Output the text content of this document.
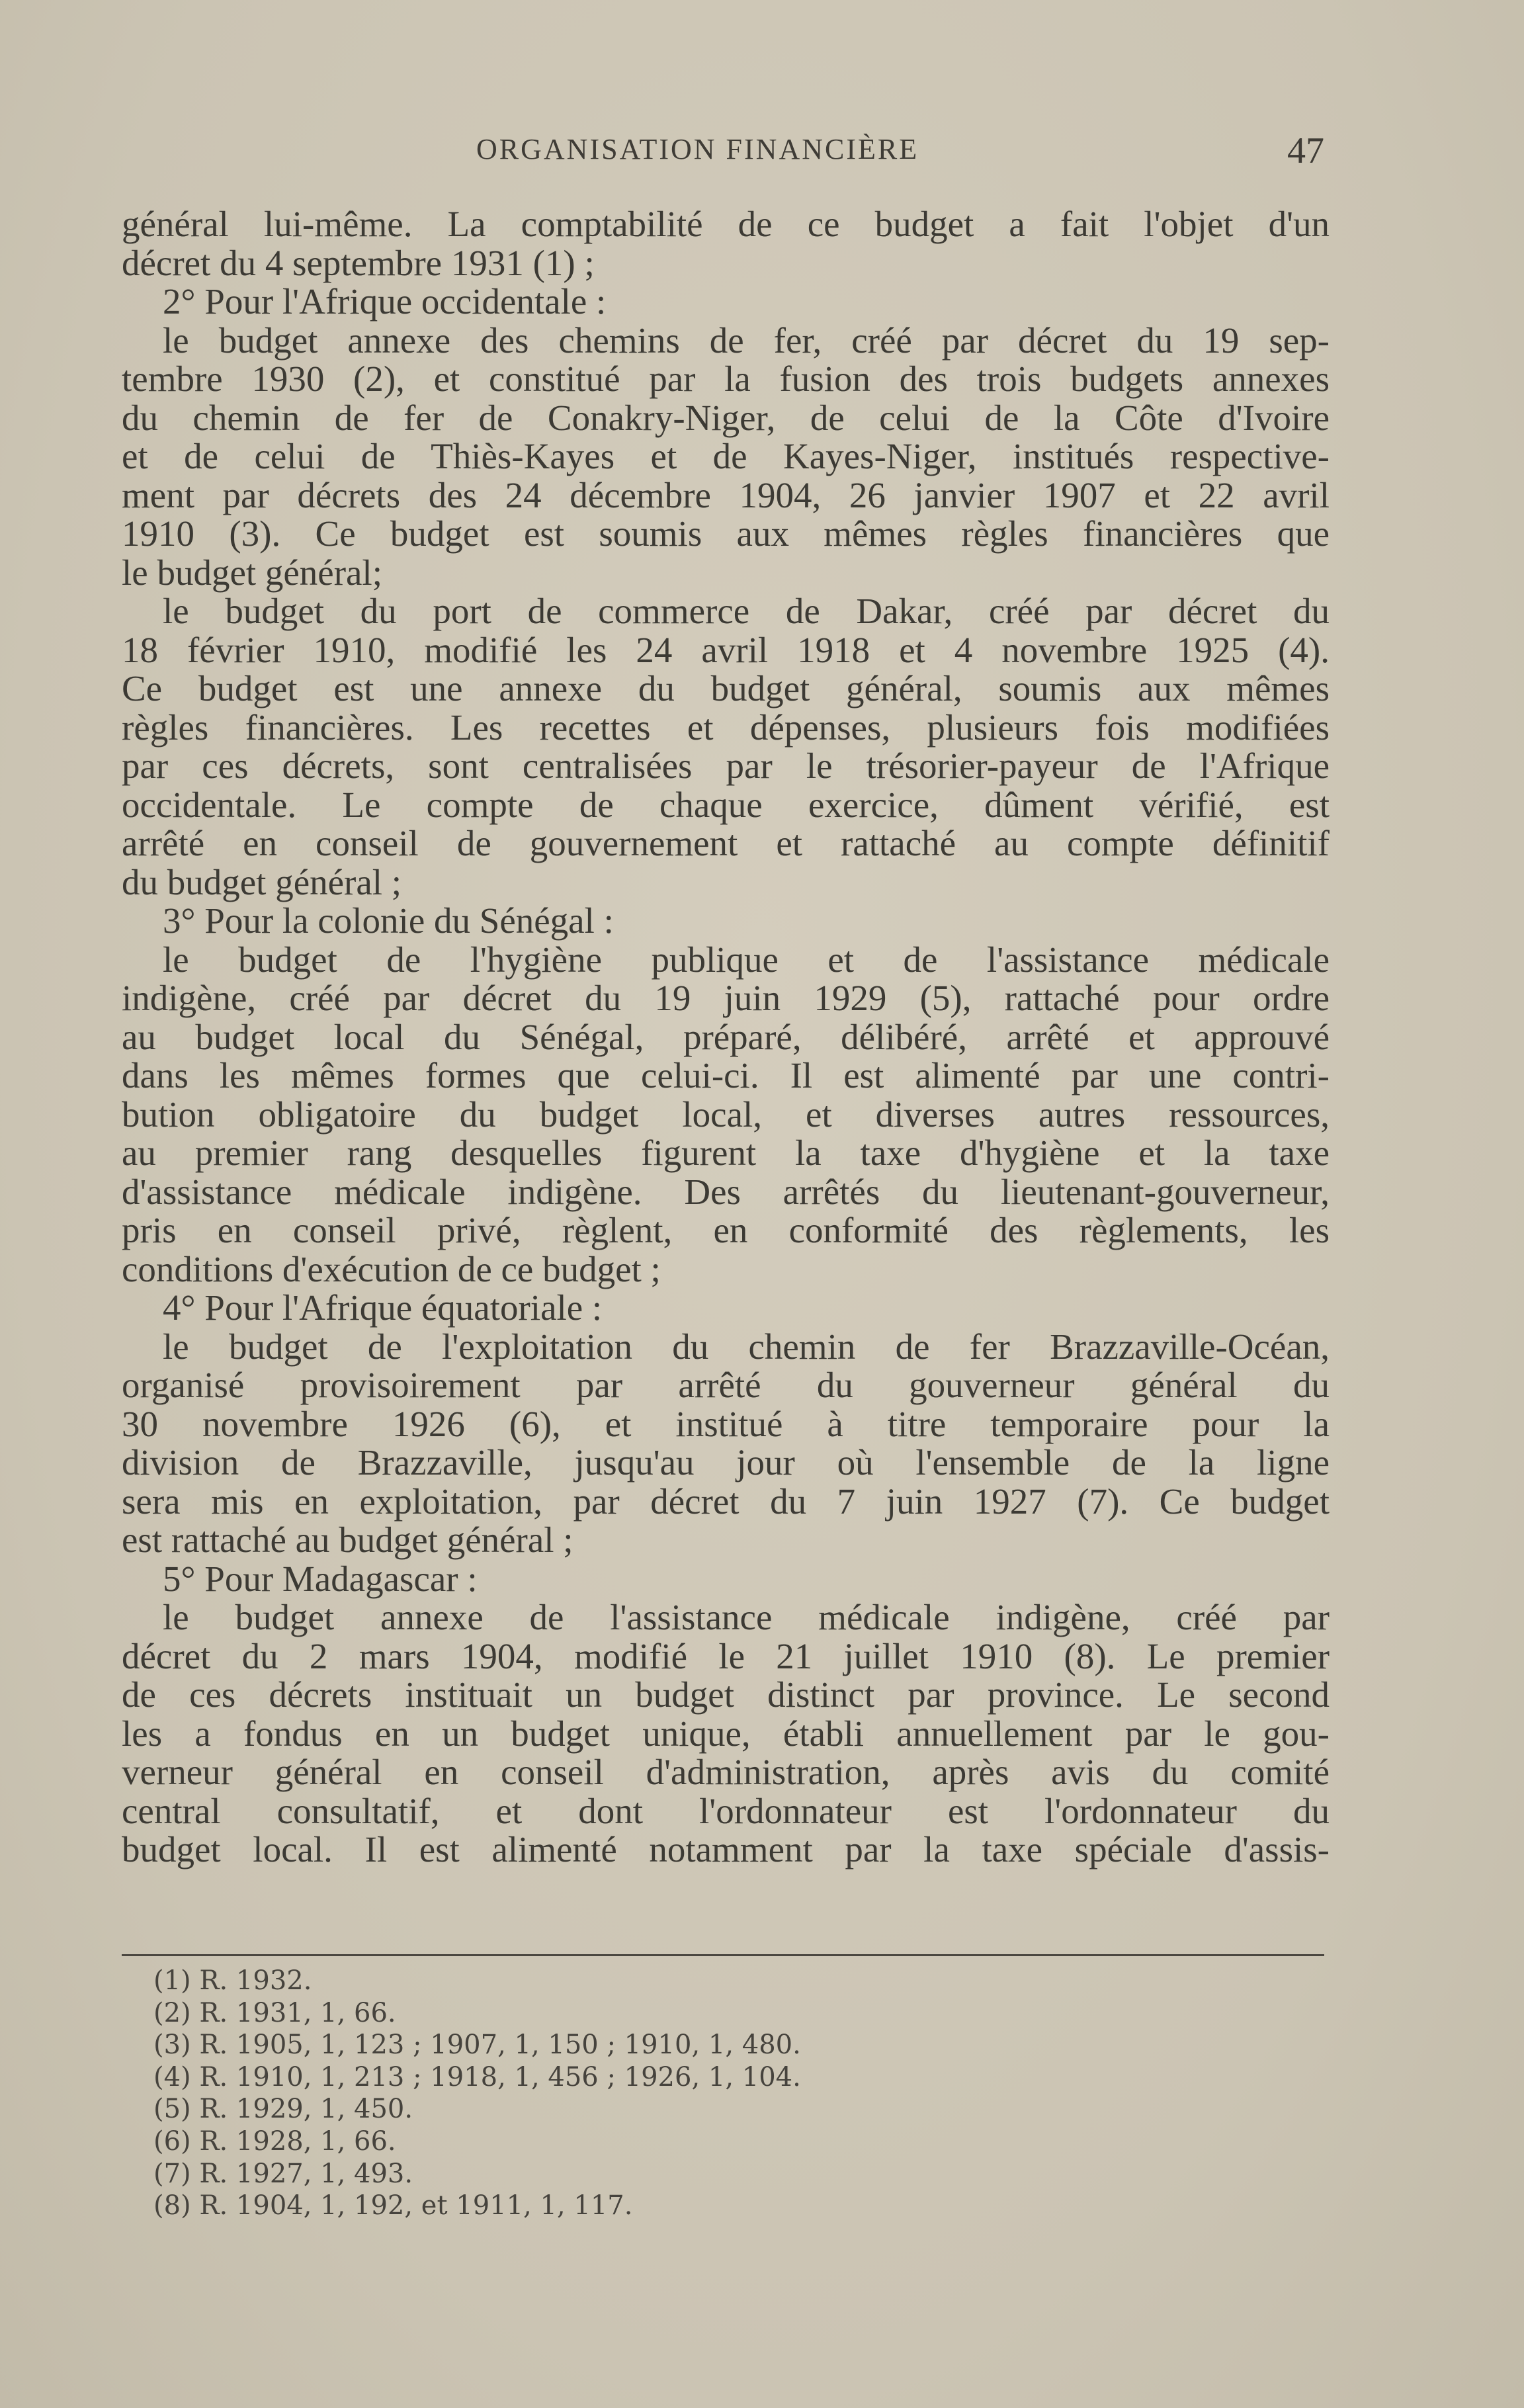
ORGANISATION FINANCIÈRE	47
général lui-même. La comptabilité de ce budget a fait l'objet d'un
décret du 4 septembre 1931 (1) ;
2° Pour l'Afrique occidentale :
le budget annexe des chemins de fer, créé par décret du 19 sep-
tembre 1930 (2), et constitué par la fusion des trois budgets annexes
du chemin de fer de Conakry-Niger, de celui de la Côte d'Ivoire
et de celui de Thiès-Kayes et de Kayes-Niger, institués respective-
ment par décrets des 24 décembre 1904, 26 janvier 1907 et 22 avril
1910 (3). Ce budget est soumis aux mêmes règles financières que
le budget général;
le budget du port de commerce de Dakar, créé par décret du
18 février 1910, modifié les 24 avril 1918 et 4 novembre 1925 (4).
Ce budget est une annexe du budget général, soumis aux mêmes
règles financières. Les recettes et dépenses, plusieurs fois modifiées
par ces décrets, sont centralisées par le trésorier-payeur de l'Afrique
occidentale. Le compte de chaque exercice, dûment vérifié, est
arrêté en conseil de gouvernement et rattaché au compte définitif
du budget général ;
3° Pour la colonie du Sénégal :
le budget de l'hygiène publique et de l'assistance médicale
indigène, créé par décret du 19 juin 1929 (5), rattaché pour ordre
au budget local du Sénégal, préparé, délibéré, arrêté et approuvé
dans les mêmes formes que celui-ci. Il est alimenté par une contri-
bution obligatoire du budget local, et diverses autres ressources,
au premier rang desquelles figurent la taxe d'hygiène et la taxe
d'assistance médicale indigène. Des arrêtés du lieutenant-gouverneur,
pris en conseil privé, règlent, en conformité des règlements, les
conditions d'exécution de ce budget ;
4° Pour l'Afrique équatoriale :
le budget de l'exploitation du chemin de fer Brazzaville-Océan,
organisé provisoirement par arrêté du gouverneur général du
30 novembre 1926 (6), et institué à titre temporaire pour la
division de Brazzaville, jusqu'au jour où l'ensemble de la ligne
sera mis en exploitation, par décret du 7 juin 1927 (7). Ce budget
est rattaché au budget général ;
5° Pour Madagascar :
le budget annexe de l'assistance médicale indigène, créé par
décret du 2 mars 1904, modifié le 21 juillet 1910 (8). Le premier
de ces décrets instituait un budget distinct par province. Le second
les a fondus en un budget unique, établi annuellement par le gou-
verneur général en conseil d'administration, après avis du comité
central consultatif, et dont l'ordonnateur est l'ordonnateur du
budget local. Il est alimenté notamment par la taxe spéciale d'assis-
(1) R. 1932.
(2) R. 1931, 1, 66.
(3) R. 1905, 1, 123 ; 1907, 1, 150 ; 1910, 1, 480.
(4) R. 1910, 1, 213 ; 1918, 1, 456 ; 1926, 1, 104.
(5) R. 1929, 1, 450.
(6) R. 1928, 1, 66.
(7) R. 1927, 1, 493.
(8) R. 1904, 1, 192, et 1911, 1, 117.
